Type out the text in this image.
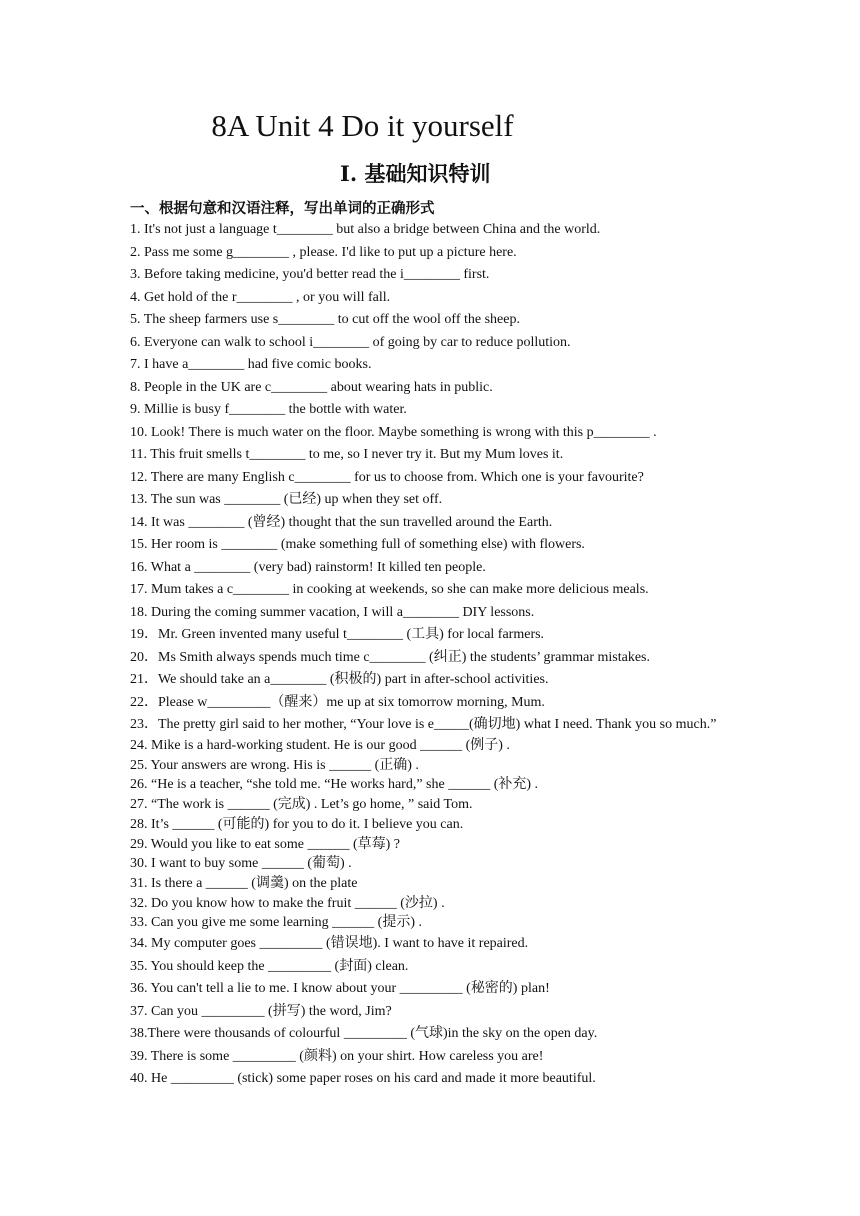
8A Unit 4 Do it yourself
I. 基础知识特训
一、根据句意和汉语注释，写出单词的正确形式
1. It's not just a language t________ but also a bridge between China and the world.
2. Pass me some g________ , please. I'd like to put up a picture here.
3. Before taking medicine, you'd better read the i________ first.
4. Get hold of the r________ , or you will fall.
5. The sheep farmers use s________ to cut off the wool off the sheep.
6. Everyone can walk to school i________ of going by car to reduce pollution.
7. I have a________ had five comic books.
8. People in the UK are c________ about wearing hats in public.
9. Millie is busy f________ the bottle with water.
10. Look! There is much water on the floor. Maybe something is wrong with this p________ .
11. This fruit smells t________ to me, so I never try it. But my Mum loves it.
12. There are many English c________ for us to choose from. Which one is your favourite?
13. The sun was ________ (已经) up when they set off.
14. It was ________ (曾经) thought that the sun travelled around the Earth.
15. Her room is ________ (make something full of something else) with flowers.
16. What a ________ (very bad) rainstorm! It killed ten people.
17. Mum takes a c________ in cooking at weekends, so she can make more delicious meals.
18. During the coming summer vacation, I will a________ DIY lessons.
19．Mr. Green invented many useful t________ (工具) for local farmers.
20．Ms Smith always spends much time c________ (纠正) the students’ grammar mistakes.
21．We should take an a________ (积极的) part in after-school activities.
22．Please w_________（醒来）me up at six tomorrow morning, Mum.
23．The pretty girl said to her mother, “Your love is e_____(确切地) what I need. Thank you so much.”
24. Mike is a hard-working student. He is our good ______ (例子) .
25. Your answers are wrong. His is ______ (正确) .
26. “He is a teacher, “she told me. “He works hard,” she ______ (补充) .
27. “The work is ______ (完成) . Let’s go home, ” said Tom.
28. It’s ______ (可能的) for you to do it. I believe you can.
29. Would you like to eat some ______ (草莓) ?
30. I want to buy some ______ (葡萄) .
31. Is there a ______ (调羹) on the plate
32. Do you know how to make the fruit ______ (沙拉) .
33. Can you give me some learning ______ (提示) .
34. My computer goes _________ (错误地). I want to have it repaired.
35. You should keep the _________ (封面) clean.
36. You can't tell a lie to me. I know about your _________ (秘密的) plan!
37. Can you _________ (拼写) the word, Jim?
38.There were thousands of colourful _________ (气球)in the sky on the open day.
39. There is some _________ (颜料) on your shirt. How careless you are!
40. He _________ (stick) some paper roses on his card and made it more beautiful.
